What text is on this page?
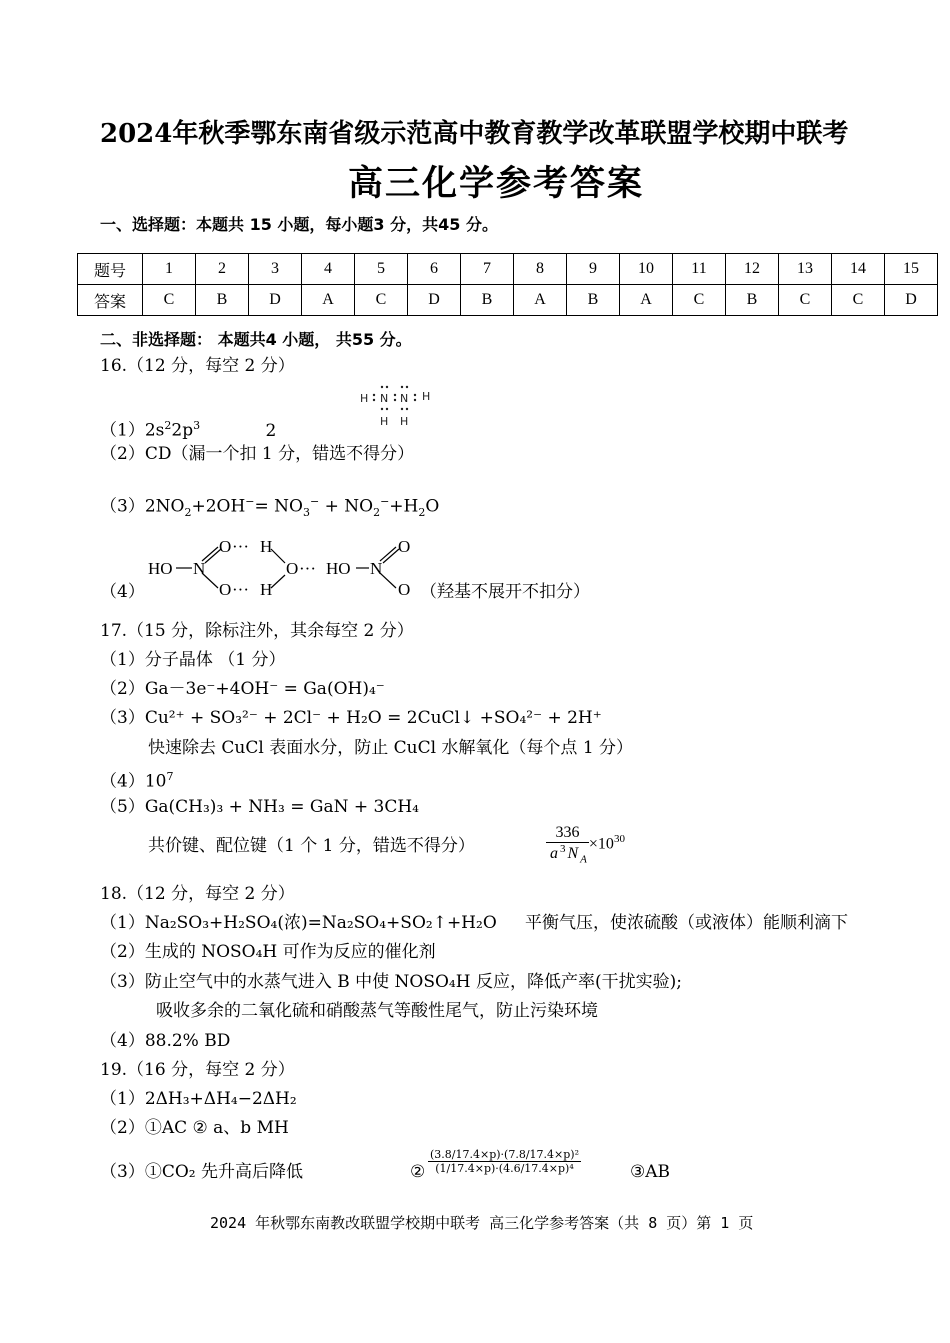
2024年秋季鄂东南省级示范高中教育教学改革联盟学校期中联考
高三化学参考答案
一、选择题：本题共 15 小题，每小题3 分，共45 分。
题号	1	2	3	4	5	6	7	8	9	10	11	12	13	14	15
答案	C	B	D	A	C	D	B	A	B	A	C	B	C	C	D
二、非选择题： 本题共4 小题， 共55 分。
16.（12 分，每空 2 分）
H N N H
H H
$(1)2s^22p^3$	2
（2）CD（漏一个扣 1 分，错选不得分）
$(3)2NO_2+2OH^-= NO_3^- + NO_2^-+H_2O$
（4）
HO N
O
O
···
···
H
H
O ··· HO N
O
O （羟基不展开不扣分）
17.（15 分，除标注外，其余每空 2 分）
（1）分子晶体 （1 分）
（2）Ga－3e⁻+4OH⁻ = Ga(OH)₄⁻
（3）Cu²⁺ + SO₃²⁻ + 2Cl⁻ + H₂O = 2CuCl↓ +SO₄²⁻ + 2H⁺
快速除去 CuCl 表面水分，防止 CuCl 水解氧化（每个点 1 分）
$(4)10^7$
（5）Ga(CH₃)₃ + NH₃ = GaN + 3CH₄
共价键、配位键（1 个 1 分，错选不得分）	$\frac{336}{a ^3 N _A} \times 10^{30}$
18.（12 分，每空 2 分）
（1）Na₂SO₃+H₂SO₄(浓)=Na₂SO₄+SO₂↑+H₂O 平衡气压，使浓硫酸（或液体）能顺利滴下
（2）生成的 NOSO₄H 可作为反应的催化剂
（3）防止空气中的水蒸气进入 B 中使 NOSO₄H 反应，降低产率(干扰实验);
吸收多余的二氧化硫和硝酸蒸气等酸性尾气，防止污染环境
（4）88.2% BD
19.（16 分，每空 2 分）
（1）2ΔH₃+ΔH₄−2ΔH₂
（2）①AC ② a、b MH
（3）①CO₂ 先升高后降低	② $\frac{\text{(3.8/17.4×p)·(7.8/17.4×p)²}}{\text{(1/17.4×p)·(4.6/17.4×p)⁴}}$	③AB
2024 年秋鄂东南教改联盟学校期中联考 高三化学参考答案（共 8 页）第 1 页
